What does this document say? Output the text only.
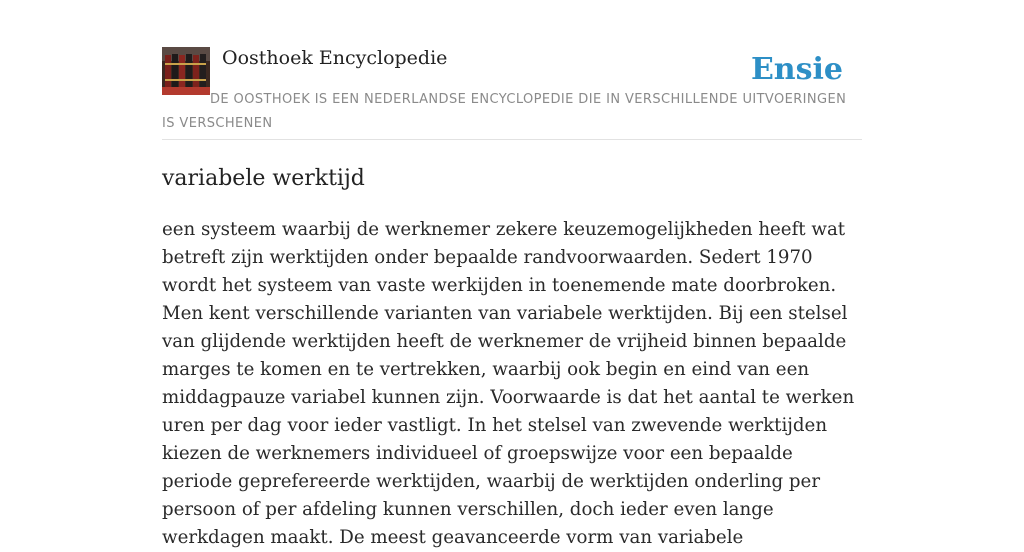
Oosthoek Encyclopedie	Ensie
DE OOSTHOEK IS EEN NEDERLANDSE ENCYCLOPEDIE DIE IN VERSCHILLENDE UITVOERINGEN IS VERSCHENEN
variabele werktijd

een systeem waarbij de werknemer zekere keuzemogelijkheden heeft wat betreft zijn werktijden onder bepaalde randvoorwaarden. Sedert 1970 wordt het systeem van vaste werkijden in toenemende mate doorbroken. Men kent verschillende varianten van variabele werktijden. Bij een stelsel van glijdende werktijden heeft de werknemer de vrijheid binnen bepaalde marges te komen en te vertrekken, waarbij ook begin en eind van een middagpauze variabel kunnen zijn. Voorwaarde is dat het aantal te werken uren per dag voor ieder vastligt. In het stelsel van zwevende werktijden kiezen de werknemers individueel of groepswijze voor een bepaalde periode geprefereerde werktijden, waarbij de werktijden onderling per persoon of per afdeling kunnen verschillen, doch ieder even lange werkdagen maakt. De meest geavanceerde vorm van variabele
